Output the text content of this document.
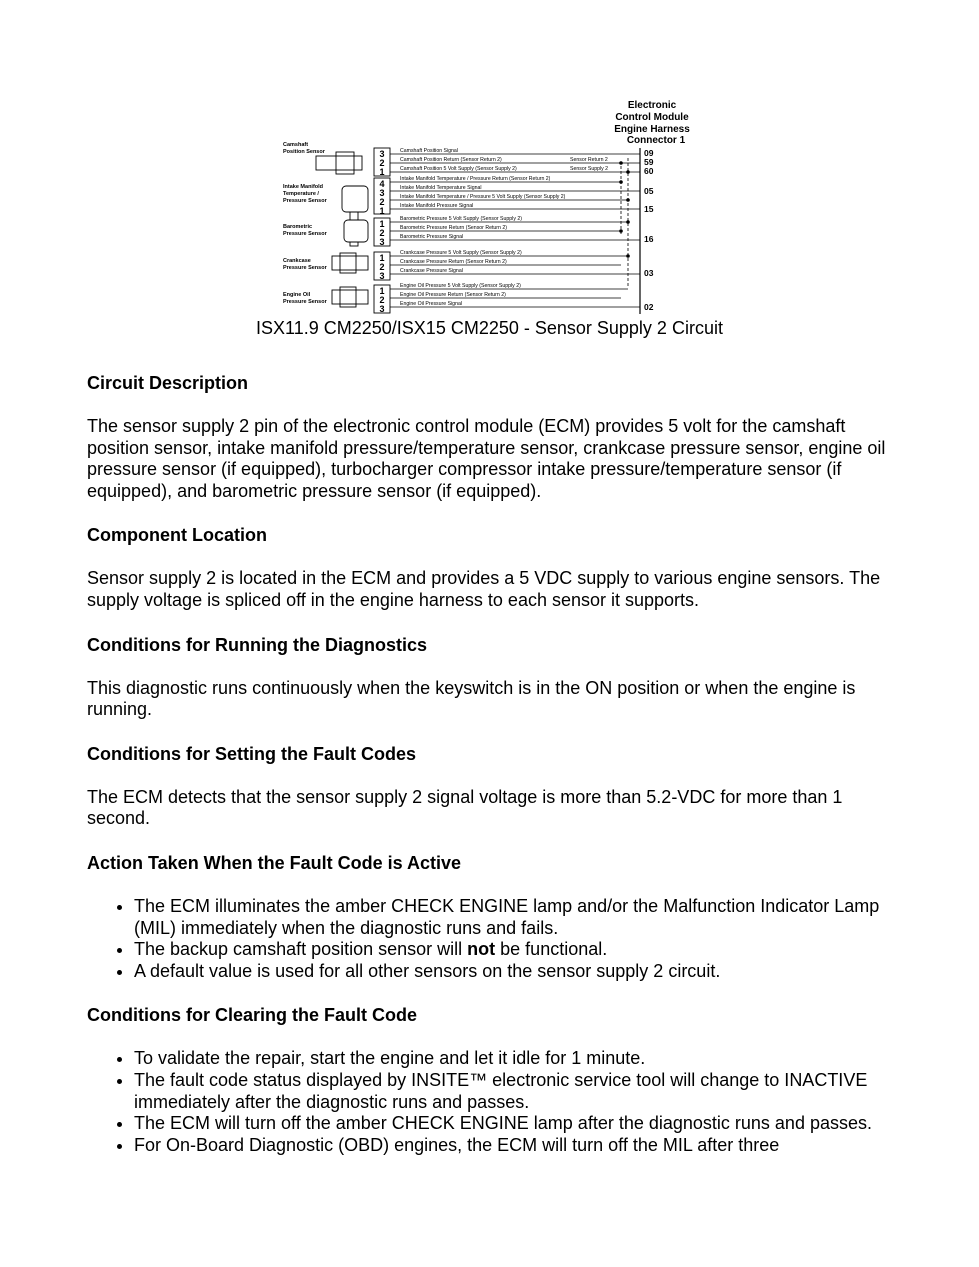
Electronic
Control Module
Engine Harness
Connector 1
09
59
60
05
15
16
03
02
Camshaft
Position Sensor
Intake Manifold
Temperature /
Pressure Sensor
Barometric
Pressure Sensor
Crankcase
Pressure Sensor
Engine Oil
Pressure Sensor
3
2
1
4
3
2
1
1
2
3
1
2
3
1
2
3
Camshaft Position Signal
Camshaft Position Return (Sensor Return 2)
Camshaft Position 5 Volt Supply (Sensor Supply 2)
Intake Manifold Temperature / Pressure Return (Sensor Return 2)
Intake Manifold Temperature Signal
Intake Manifold Temperature / Pressure 5 Volt Supply (Sensor Supply 2)
Intake Manifold Pressure Signal
Barometric Pressure 5 Volt Supply (Sensor Supply 2)
Barometric Pressure Return (Sensor Return 2)
Barometric Pressure Signal
Crankcase Pressure 5 Volt Supply (Sensor Supply 2)
Crankcase Pressure Return (Sensor Return 2)
Crankcase Pressure Signal
Engine Oil Pressure 5 Volt Supply (Sensor Supply 2)
Engine Oil Pressure Return (Sensor Return 2)
Engine Oil Pressure Signal
Sensor Return 2
Sensor Supply 2
ISX11.9 CM2250/ISX15 CM2250 - Sensor Supply 2 Circuit
Circuit Description

The sensor supply 2 pin of the electronic control module (ECM) provides 5 volt for the camshaft position sensor, intake manifold pressure/temperature sensor, crankcase pressure sensor, engine oil pressure sensor (if equipped), turbocharger compressor intake pressure/temperature sensor (if equipped), and barometric pressure sensor (if equipped).

Component Location

Sensor supply 2 is located in the ECM and provides a 5 VDC supply to various engine sensors. The supply voltage is spliced off in the engine harness to each sensor it supports.

Conditions for Running the Diagnostics

This diagnostic runs continuously when the keyswitch is in the ON position or when the engine is running.

Conditions for Setting the Fault Codes

The ECM detects that the sensor supply 2 signal voltage is more than 5.2-VDC for more than 1 second.

Action Taken When the Fault Code is Active
• The ECM illuminates the amber CHECK ENGINE lamp and/or the Malfunction Indicator Lamp (MIL) immediately when the diagnostic runs and fails.
• The backup camshaft position sensor will not be functional.
• A default value is used for all other sensors on the sensor supply 2 circuit.
Conditions for Clearing the Fault Code
• To validate the repair, start the engine and let it idle for 1 minute.
• The fault code status displayed by INSITE™ electronic service tool will change to INACTIVE immediately after the diagnostic runs and passes.
• The ECM will turn off the amber CHECK ENGINE lamp after the diagnostic runs and passes.
• For On-Board Diagnostic (OBD) engines, the ECM will turn off the MIL after three
